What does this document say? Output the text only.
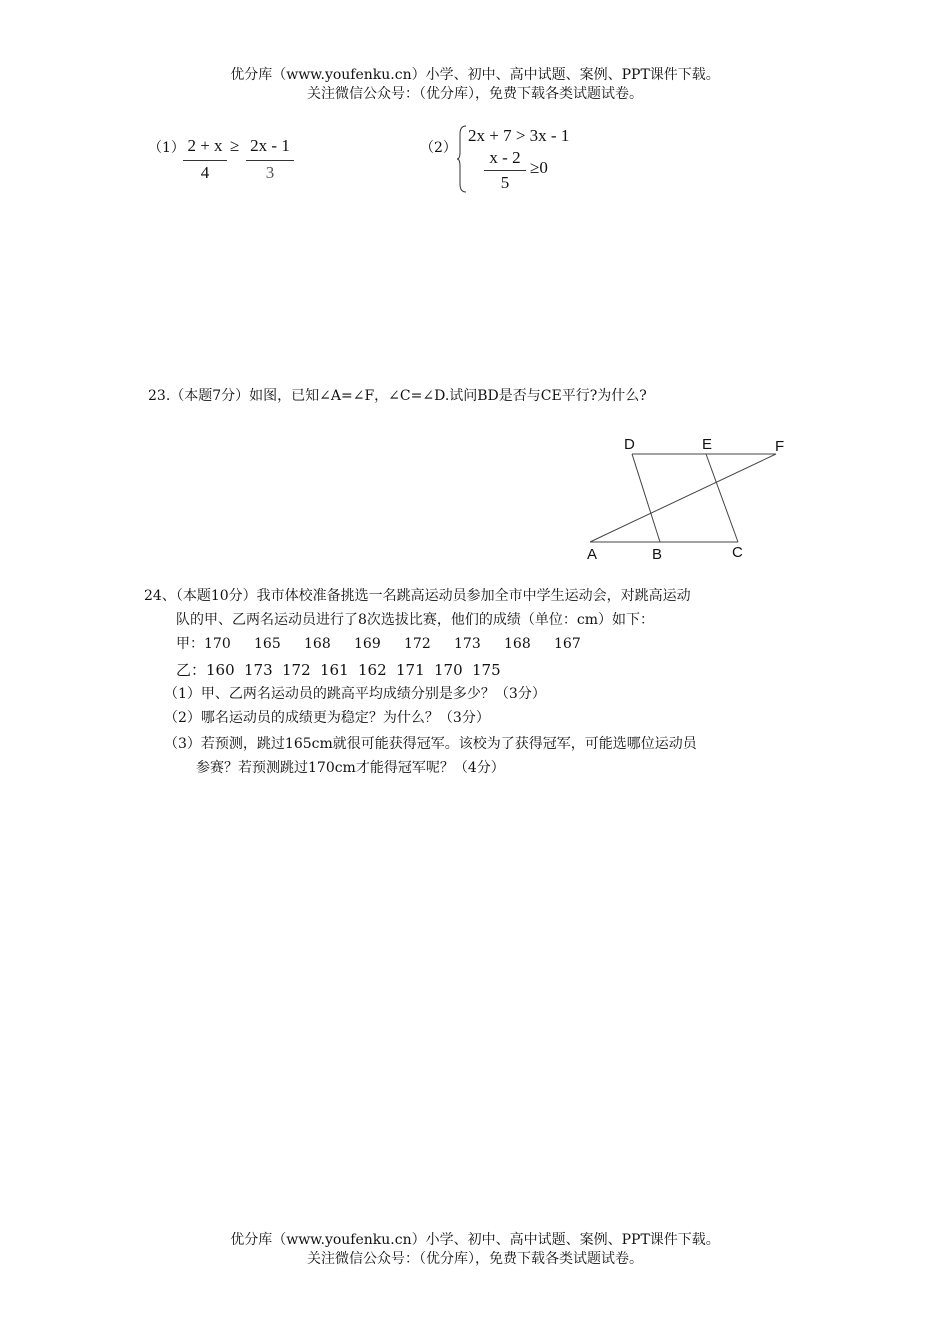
优分库（www.youfenku.cn）小学、初中、高中试题、案例、PPT课件下载。
关注微信公众号：（优分库），免费下载各类试题试卷。
（1） 2 + x
4
≥ 2x - 1
3
（2）
2x + 7 > 3x - 1
x - 2
5
≥0
23.（本题7分）如图，已知∠A=∠F，∠C=∠D.试问BD是否与CE平行?为什么?
D	E	F
A	B	C
24、（本题10分）我市体校准备挑选一名跳高运动员参加全市中学生运动会，对跳高运动
队的甲、乙两名运动员进行了8次选拔比赛，他们的成绩（单位：cm）如下：
甲：170 165 168 169 172 173 168 167
乙：160 173 172 161 162 171 170 175
（1）甲、乙两名运动员的跳高平均成绩分别是多少？（3分）
（2）哪名运动员的成绩更为稳定？为什么？（3分）
（3）若预测，跳过165cm就很可能获得冠军。该校为了获得冠军，可能选哪位运动员
参赛？若预测跳过170cm才能得冠军呢？（4分）
优分库（www.youfenku.cn）小学、初中、高中试题、案例、PPT课件下载。
关注微信公众号：（优分库），免费下载各类试题试卷。
